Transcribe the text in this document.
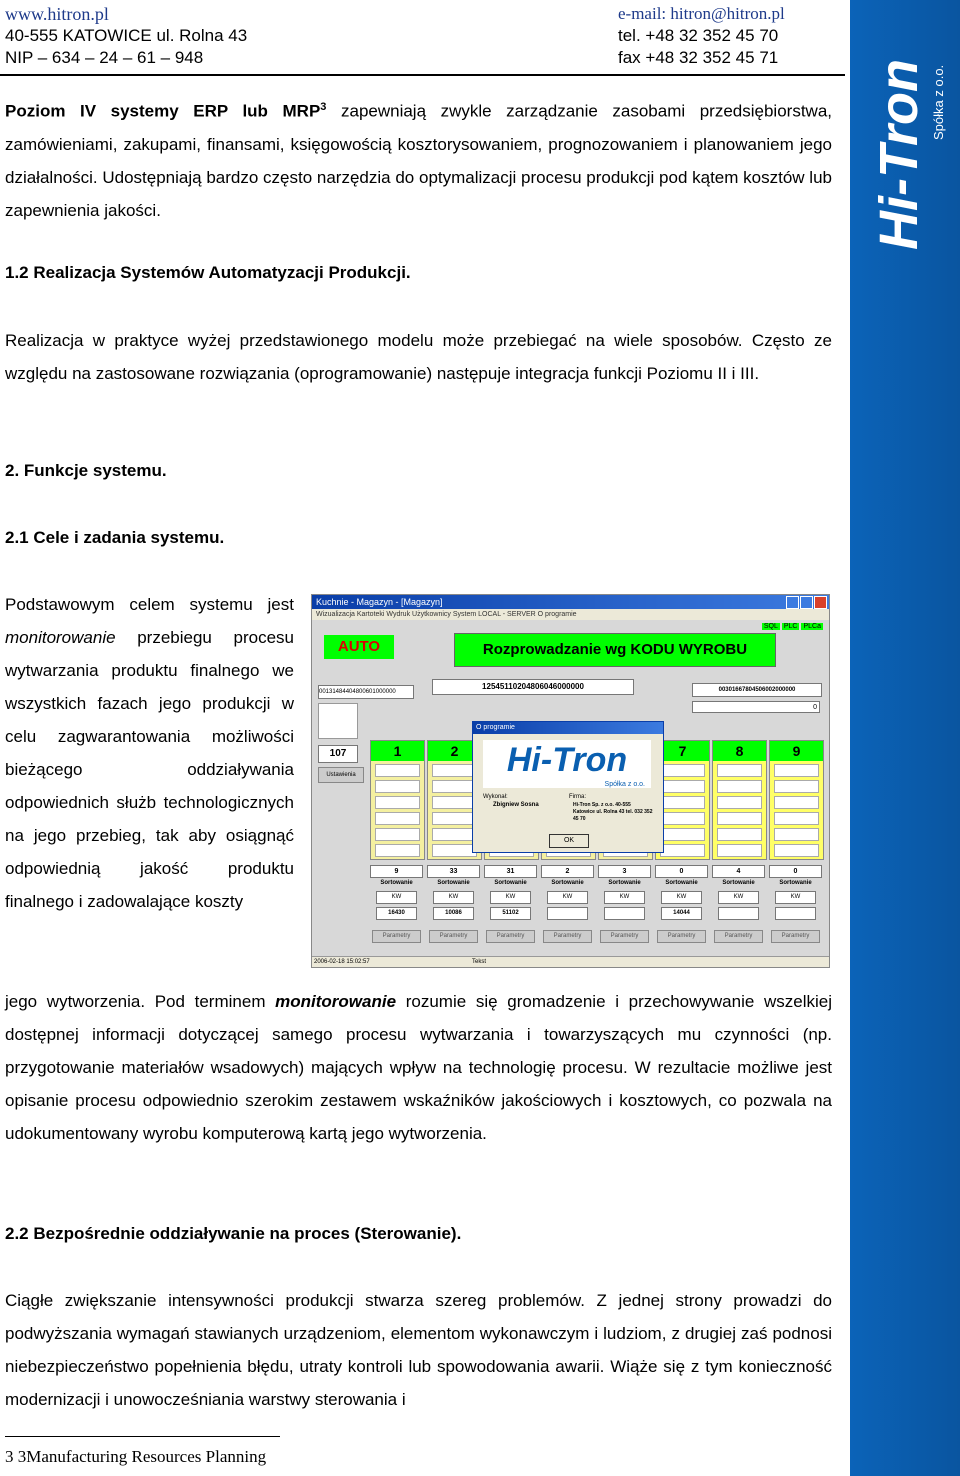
www.hitron.pl	e-mail: hitron@hitron.pl
40-555 KATOWICE ul. Rolna 43	tel. +48 32 352 45 70
NIP – 634 – 24 – 61 – 948	fax +48 32 352 45 71
Hi-Tron Spółka z o.o.
Poziom IV systemy ERP lub MRP$^3$ zapewniają zwykle zarządzanie zasobami przedsiębiorstwa, zamówieniami, zakupami, finansami, księgowością kosztorysowaniem, prognozowaniem i planowaniem jego działalności. Udostępniają bardzo często narzędzia do optymalizacji procesu produkcji pod kątem kosztów lub zapewnienia jakości.
1.2 Realizacja Systemów Automatyzacji Produkcji.
Realizacja w praktyce wyżej przedstawionego modelu może przebiegać na wiele sposobów. Często ze względu na zastosowane rozwiązania (oprogramowanie) następuje integracja funkcji Poziomu II i III.
2. Funkcje systemu.
2.1 Cele i zadania systemu.
Podstawowym celem systemu jest monitorowanie przebiegu procesu wytwarzania produktu finalnego we wszystkich fazach jego produkcji w celu zagwarantowania możliwości bieżącego oddziaływania odpowiednich służb technologicznych na jego przebieg, tak aby osiągnąć odpowiednią jakość produktu finalnego i zadowalające koszty
jego wytworzenia. Pod terminem monitorowanie rozumie się gromadzenie i przechowywanie wszelkiej dostępnej informacji dotyczącej samego procesu wytwarzania i towarzyszących mu czynności (np. przygotowanie materiałów wsadowych) mających wpływ na technologię procesu. W rezultacie możliwe jest opisanie procesu odpowiednio szerokim zestawem wskaźników jakościowych i kosztowych, co pozwala na udokumentowany wyrobu komputerową kartą jego wytworzenia.
2.2 Bezpośrednie oddziaływanie na proces (Sterowanie).
Ciągłe zwiększanie intensywności produkcji stwarza szereg problemów. Z jednej strony prowadzi do podwyższania wymagań stawianych urządzeniom, elementom wykonawczym i ludziom, z drugiej zaś podnosi niebezpieczeństwo popełnienia błędu, utraty kontroli lub spowodowania awarii. Wiąże się z tym konieczność modernizacji i unowocześniania warstwy sterowania i
3 3Manufacturing Resources Planning
Kuchnie - Magazyn - [Magazyn]
Wizualizacja Kartoteki Wydruk Użytkownicy System LOCAL - SERVER O programie
SQL PLC PLCa
AUTO	Rozprowadzanie wg KODU WYROBU
00131484404800601000000
12545110204806046000000	00301667804506002000000
0
107
Ustawienia
1	2	7	8	9
O programie
Hi-Tron
Spółka z o.o.
Wykonał:
Zbigniew Sosna
Firma:
Hi-Tron Sp. z o.o. 40-555 Katowice ul. Rolna 43 tel. 032 352 45 70
OK
9
Sortowanie
KW
16430
Parametry
33
Sortowanie
KW
10086
Parametry
31
Sortowanie
KW
51102
Parametry
2
Sortowanie
KW
Parametry
3
Sortowanie
KW
Parametry
0
Sortowanie
KW
14044
Parametry
4
Sortowanie
KW
Parametry
0
Sortowanie
KW
Parametry
2006-02-18 15:02:57	Tekst
